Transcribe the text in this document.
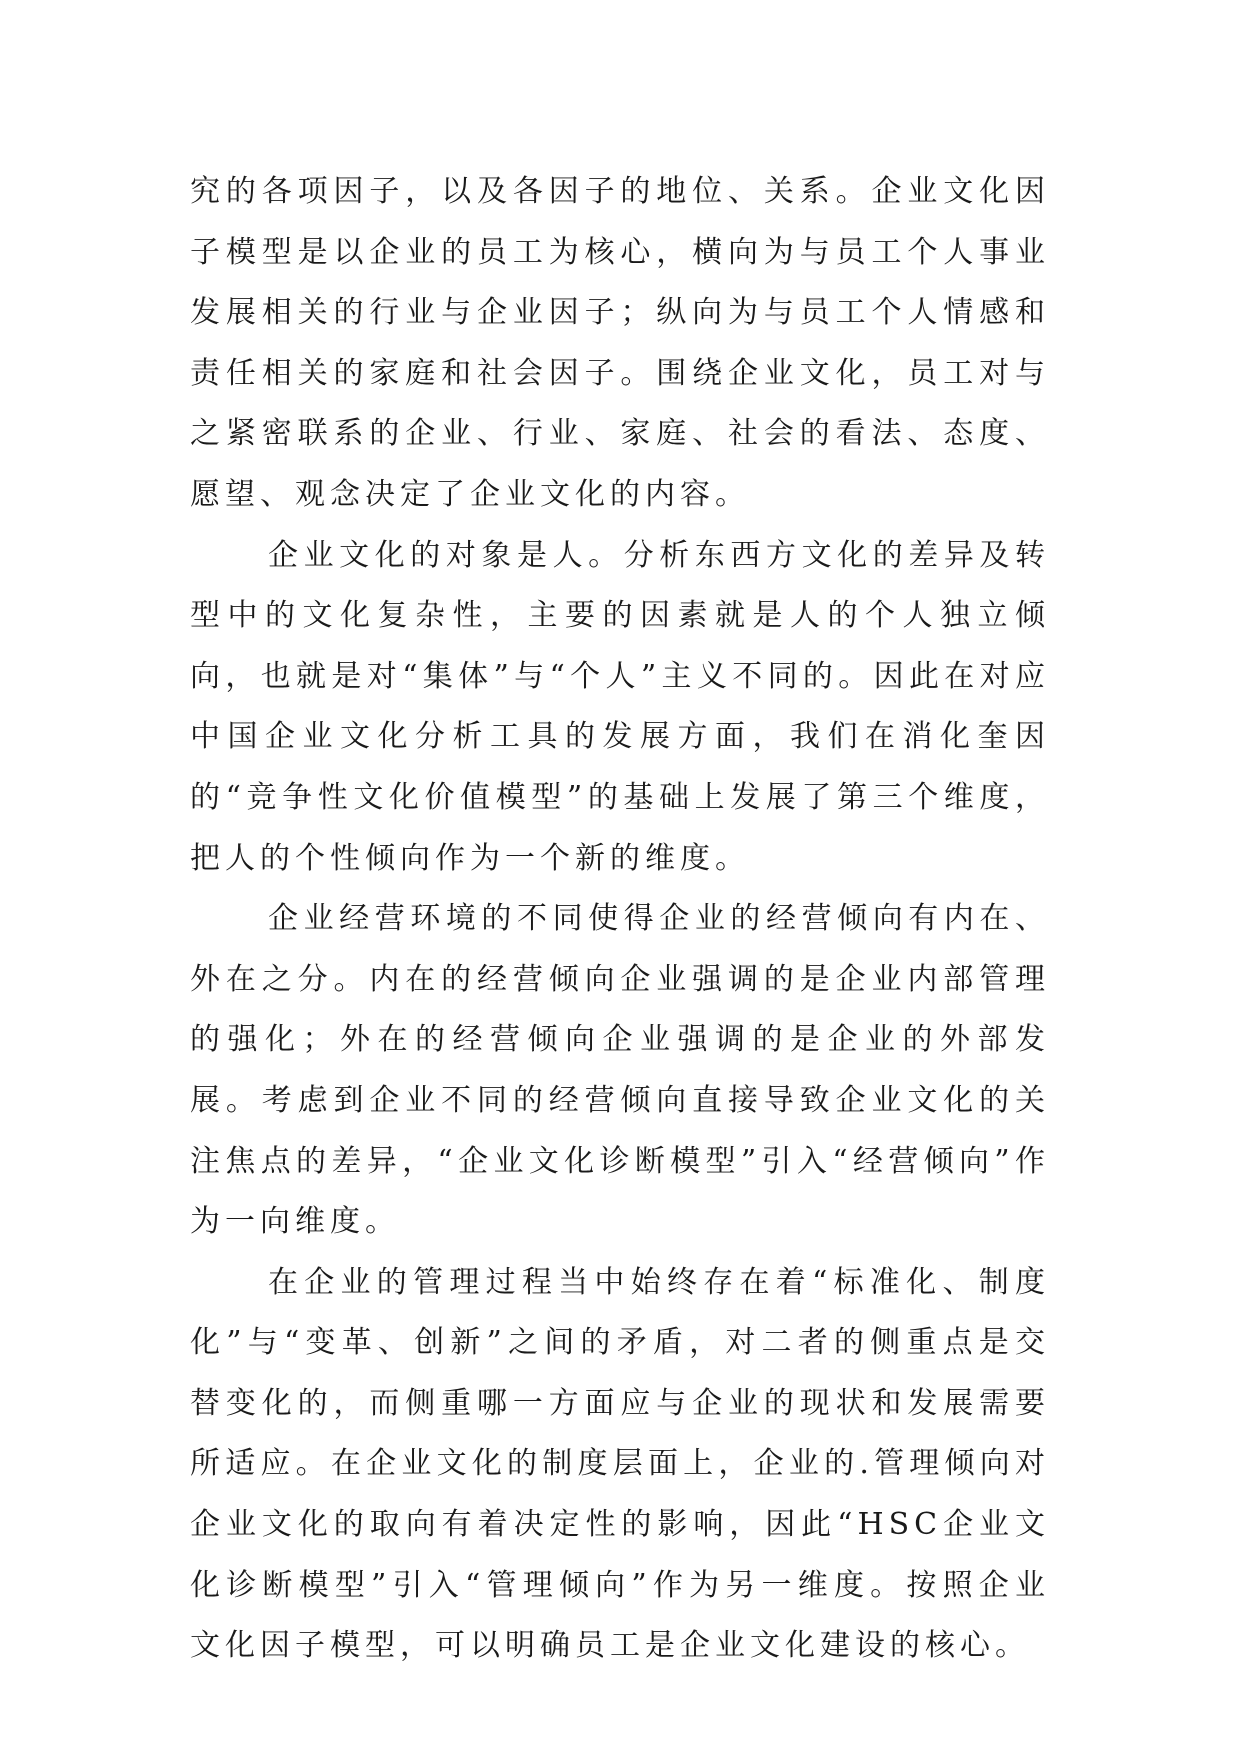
究的各项因子，以及各因子的地位、关系。企业文化因子模型是以企业的员工为核心，横向为与员工个人事业发展相关的行业与企业因子；纵向为与员工个人情感和责任相关的家庭和社会因子。围绕企业文化，员工对与之紧密联系的企业、行业、家庭、社会的看法、态度、愿望、观念决定了企业文化的内容。

企业文化的对象是人。分析东西方文化的差异及转型中的文化复杂性，主要的因素就是人的个人独立倾向，也就是对“集体”与“个人”主义不同的。因此在对应中国企业文化分析工具的发展方面，我们在消化奎因的“竞争性文化价值模型”的基础上发展了第三个维度，把人的个性倾向作为一个新的维度。

企业经营环境的不同使得企业的经营倾向有内在、外在之分。内在的经营倾向企业强调的是企业内部管理的强化；外在的经营倾向企业强调的是企业的外部发展。考虑到企业不同的经营倾向直接导致企业文化的关注焦点的差异，“企业文化诊断模型”引入“经营倾向”作为一向维度。

在企业的管理过程当中始终存在着“标准化、制度化”与“变革、创新”之间的矛盾，对二者的侧重点是交替变化的，而侧重哪一方面应与企业的现状和发展需要所适应。在企业文化的制度层面上，企业的.管理倾向对企业文化的取向有着决定性的影响，因此“HSC企业文化诊断模型”引入“管理倾向”作为另一维度。按照企业文化因子模型，可以明确员工是企业文化建设的核心。
